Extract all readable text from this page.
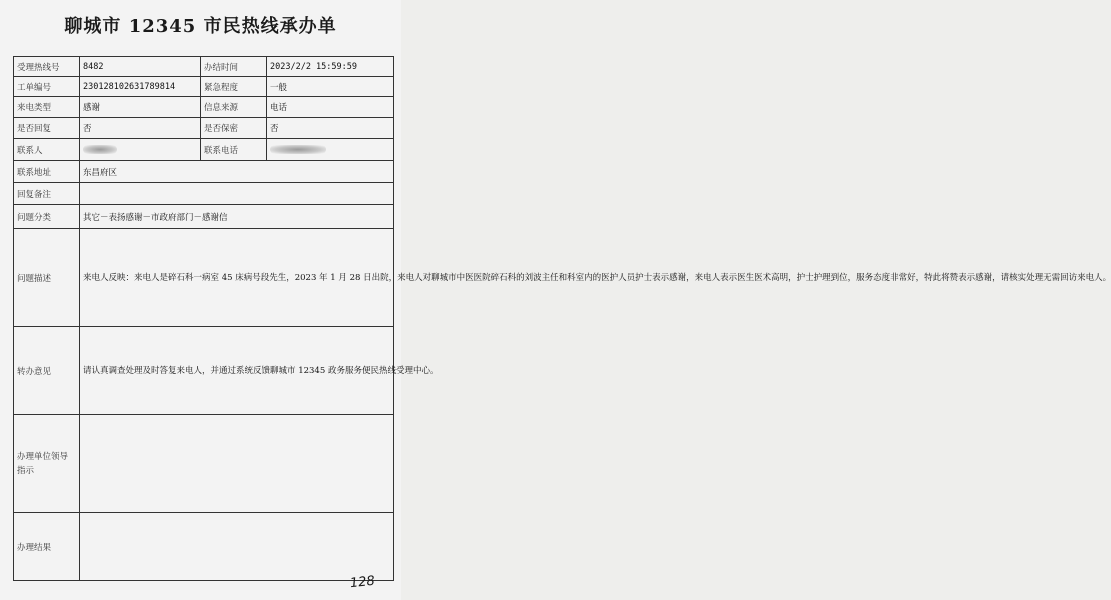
聊城市 12345 市民热线承办单
受理热线号	8482	办结时间	2023/2/2 15:59:59
工单编号	230128102631789814	紧急程度	一般
来电类型	感谢	信息来源	电话
是否回复	否	是否保密	否
联系人		联系电话	
联系地址	东昌府区		
回复备注			
问题分类	其它－表扬感谢－市政府部门－感谢信		
问题描述	来电人反映：来电人是碎石科一病室 45 床病号段先生，2023 年 1 月 28 日出院，来电人对聊城市中医医院碎石科的刘波主任和科室内的医护人员护士表示感谢，来电人表示医生医术高明，护士护理到位，服务态度非常好，特此将赞表示感谢，请核实处理无需回访来电人。		
转办意见	请认真调查处理及时答复来电人，并通过系统反馈聊城市 12345 政务服务便民热线受理中心。		
办理单位领导指示			
办理结果			
128
